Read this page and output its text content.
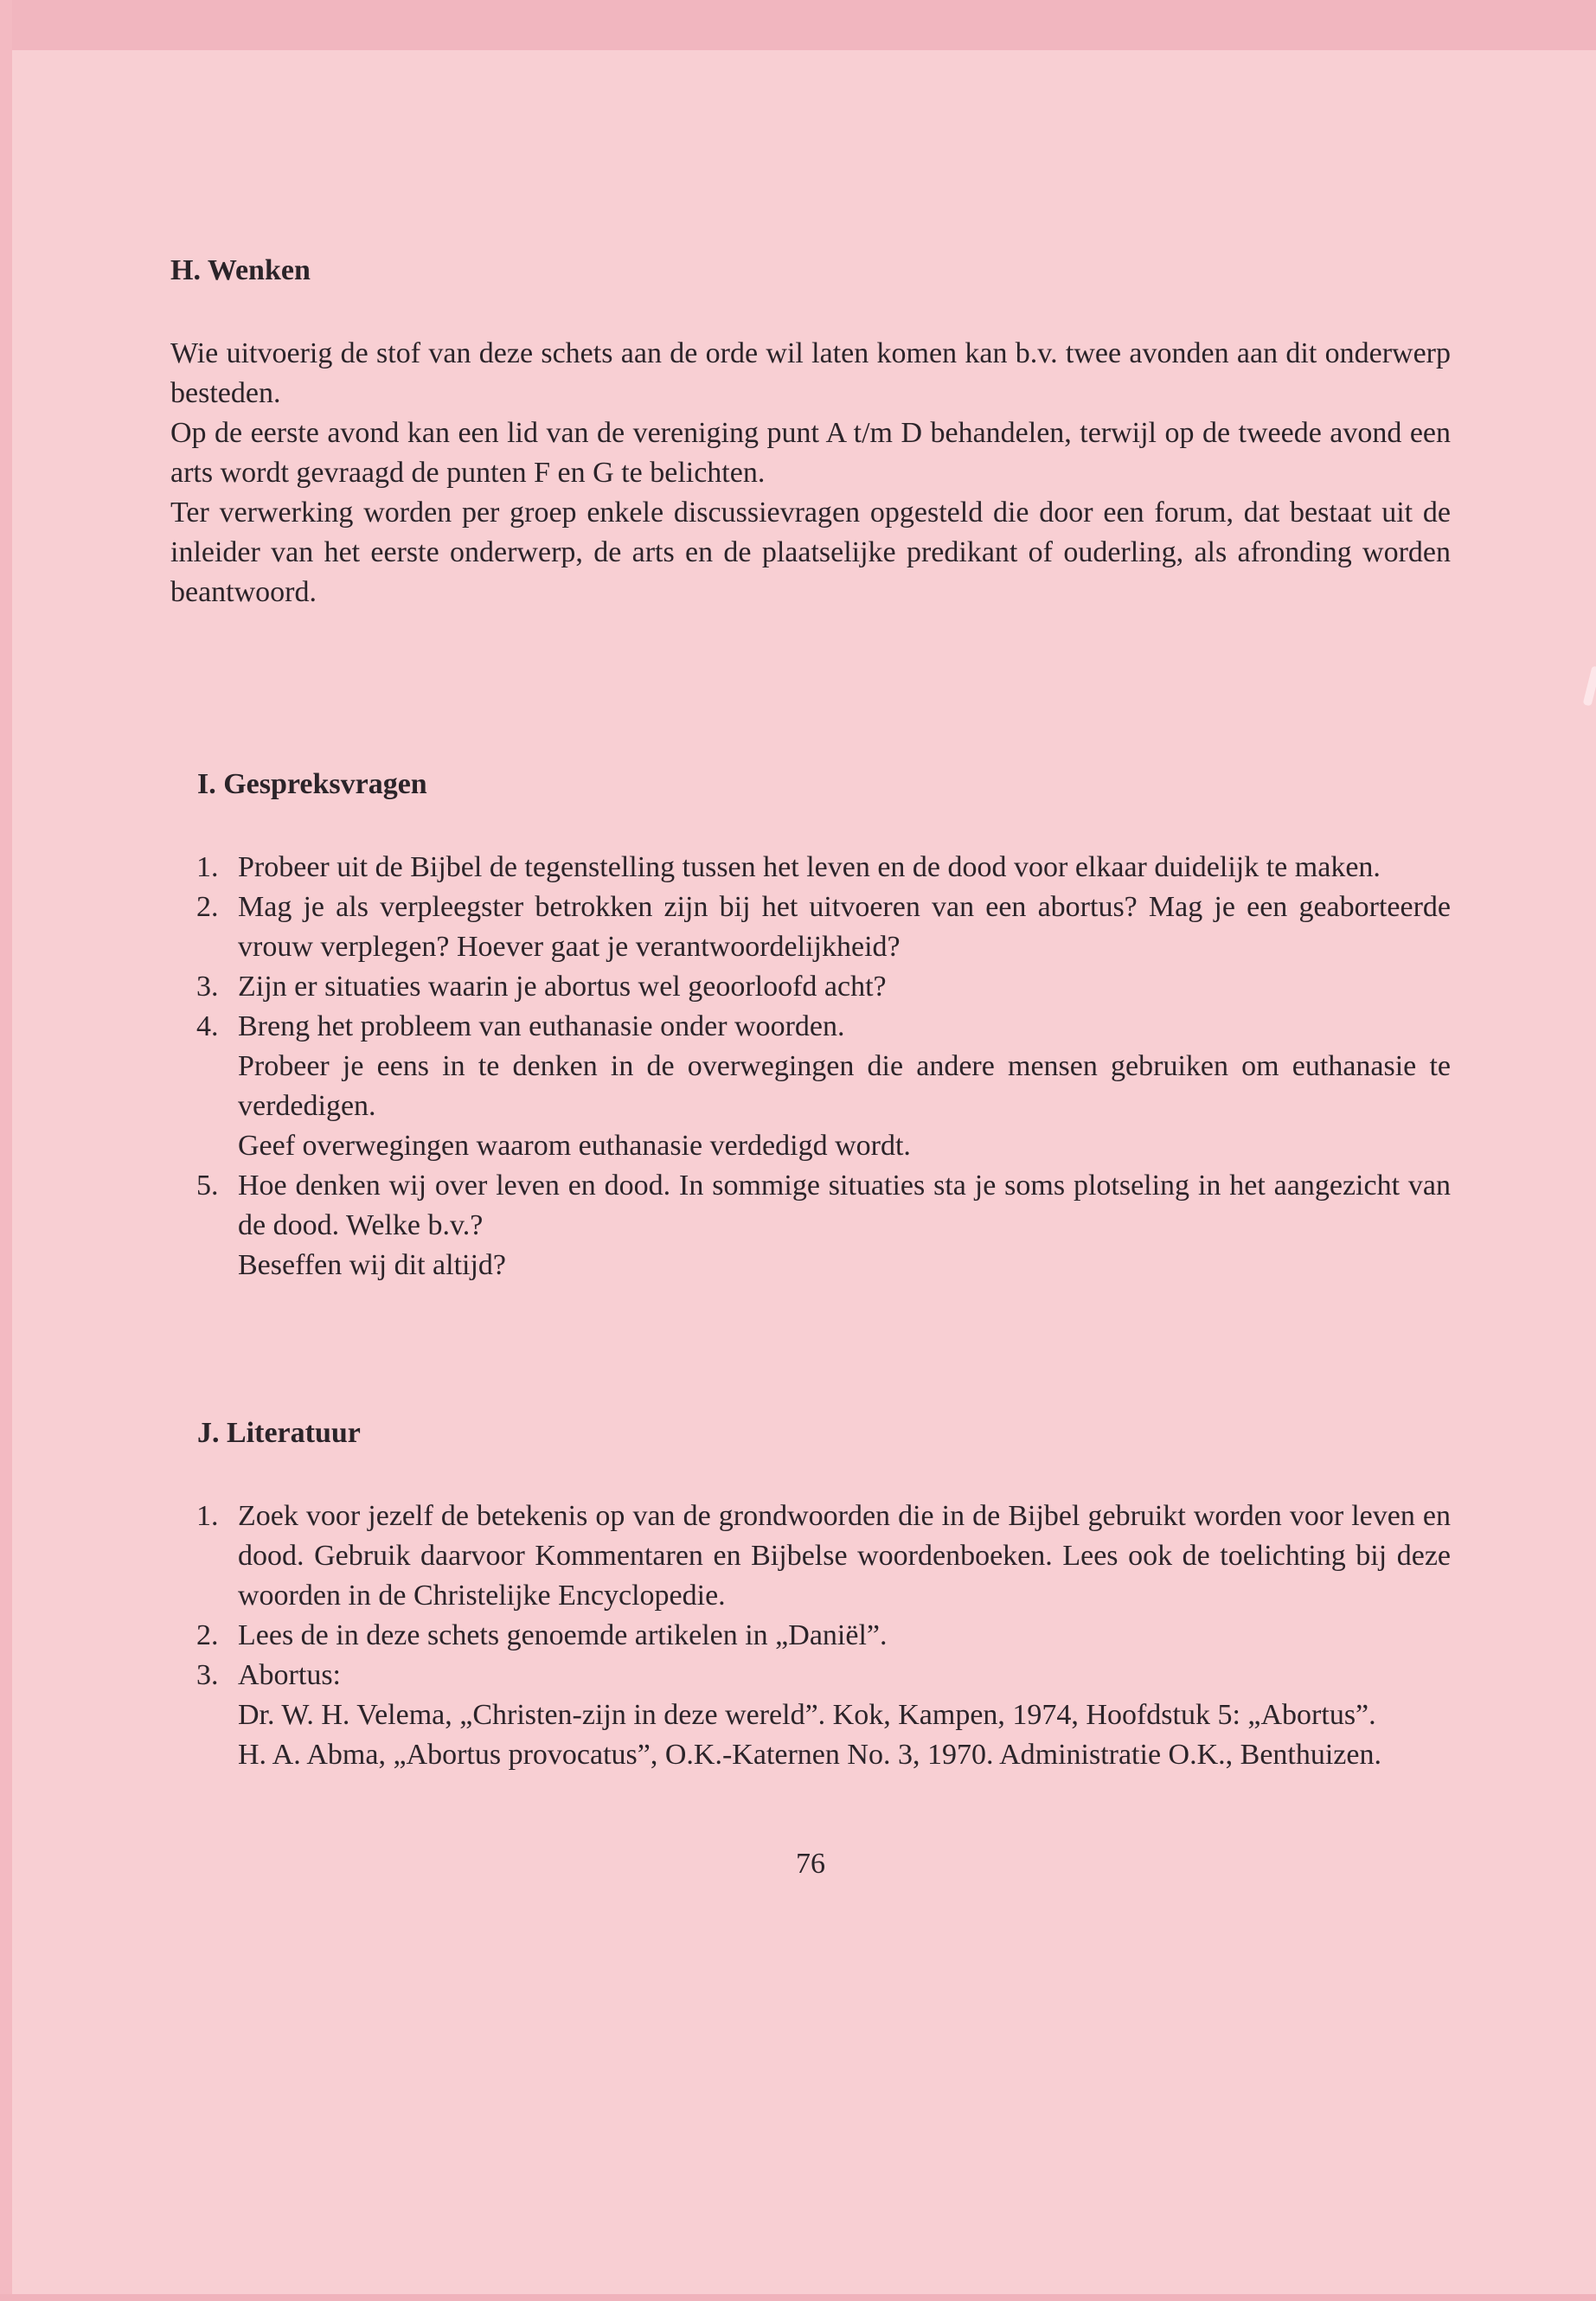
H. Wenken

Wie uitvoerig de stof van deze schets aan de orde wil laten komen kan b.v. twee avonden aan dit onderwerp besteden.

Op de eerste avond kan een lid van de vereniging punt A t/m D behandelen, terwijl op de tweede avond een arts wordt gevraagd de punten F en G te belichten.

Ter verwerking worden per groep enkele discussievragen opgesteld die door een forum, dat bestaat uit de inleider van het eerste onderwerp, de arts en de plaatselijke predikant of ouderling, als afronding worden beantwoord.

I. Gespreksvragen
1. Probeer uit de Bijbel de tegenstelling tussen het leven en de dood voor elkaar duidelijk te maken.

2. Mag je als verpleegster betrokken zijn bij het uitvoeren van een abortus? Mag je een geaborteerde vrouw verplegen? Hoever gaat je verantwoordelijkheid?

3. Zijn er situaties waarin je abortus wel geoorloofd acht?

4. Breng het probleem van euthanasie onder woorden.

Probeer je eens in te denken in de overwegingen die andere mensen gebruiken om euthanasie te verdedigen.

Geef overwegingen waarom euthanasie verdedigd wordt.

5. Hoe denken wij over leven en dood. In sommige situaties sta je soms plotseling in het aangezicht van de dood. Welke b.v.?

Beseffen wij dit altijd?

J. Literatuur
1. Zoek voor jezelf de betekenis op van de grondwoorden die in de Bijbel gebruikt worden voor leven en dood. Gebruik daarvoor Kommentaren en Bijbelse woordenboeken. Lees ook de toelichting bij deze woorden in de Christelijke Encyclopedie.

2. Lees de in deze schets genoemde artikelen in „Daniël”.

3. Abortus:

Dr. W. H. Velema, „Christen-zijn in deze wereld”. Kok, Kampen, 1974, Hoofdstuk 5: „Abortus”.

H. A. Abma, „Abortus provocatus”, O.K.-Katernen No. 3, 1970. Administratie O.K., Benthuizen.

76
